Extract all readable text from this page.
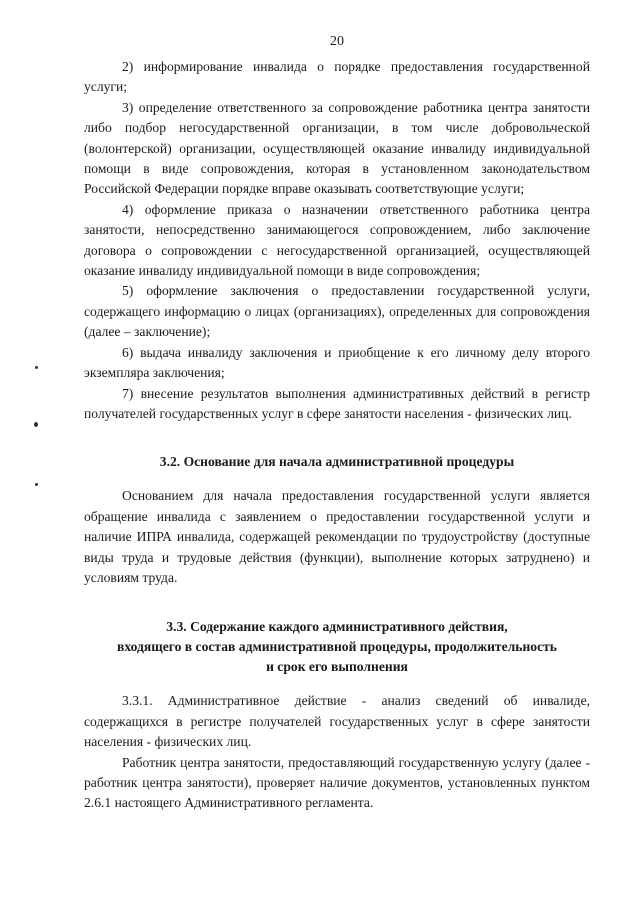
20

2) информирование инвалида о порядке предоставления государственной услуги;

3) определение ответственного за сопровождение работника центра занятости либо подбор негосударственной организации, в том числе добровольческой (волонтерской) организации, осуществляющей оказание инвалиду индивидуальной помощи в виде сопровождения, которая в установленном законодательством Российской Федерации порядке вправе оказывать соответствующие услуги;

4) оформление приказа о назначении ответственного работника центра занятости, непосредственно занимающегося сопровождением, либо заключение договора о сопровождении с негосударственной организацией, осуществляющей оказание инвалиду индивидуальной помощи в виде сопровождения;

5) оформление заключения о предоставлении государственной услуги, содержащего информацию о лицах (организациях), определенных для сопровождения (далее – заключение);

6) выдача инвалиду заключения и приобщение к его личному делу второго экземпляра заключения;

7) внесение результатов выполнения административных действий в регистр получателей государственных услуг в сфере занятости населения - физических лиц.

3.2. Основание для начала административной процедуры

Основанием для начала предоставления государственной услуги является обращение инвалида с заявлением о предоставлении государственной услуги и наличие ИПРА инвалида, содержащей рекомендации по трудоустройству (доступные виды труда и трудовые действия (функции), выполнение которых затруднено) и условиям труда.

3.3. Содержание каждого административного действия,
входящего в состав административной процедуры, продолжительность
и срок его выполнения

3.3.1. Административное действие - анализ сведений об инвалиде, содержащихся в регистре получателей государственных услуг в сфере занятости населения - физических лиц.

Работник центра занятости, предоставляющий государственную услугу (далее - работник центра занятости), проверяет наличие документов, установленных пунктом 2.6.1 настоящего Административного регламента.
